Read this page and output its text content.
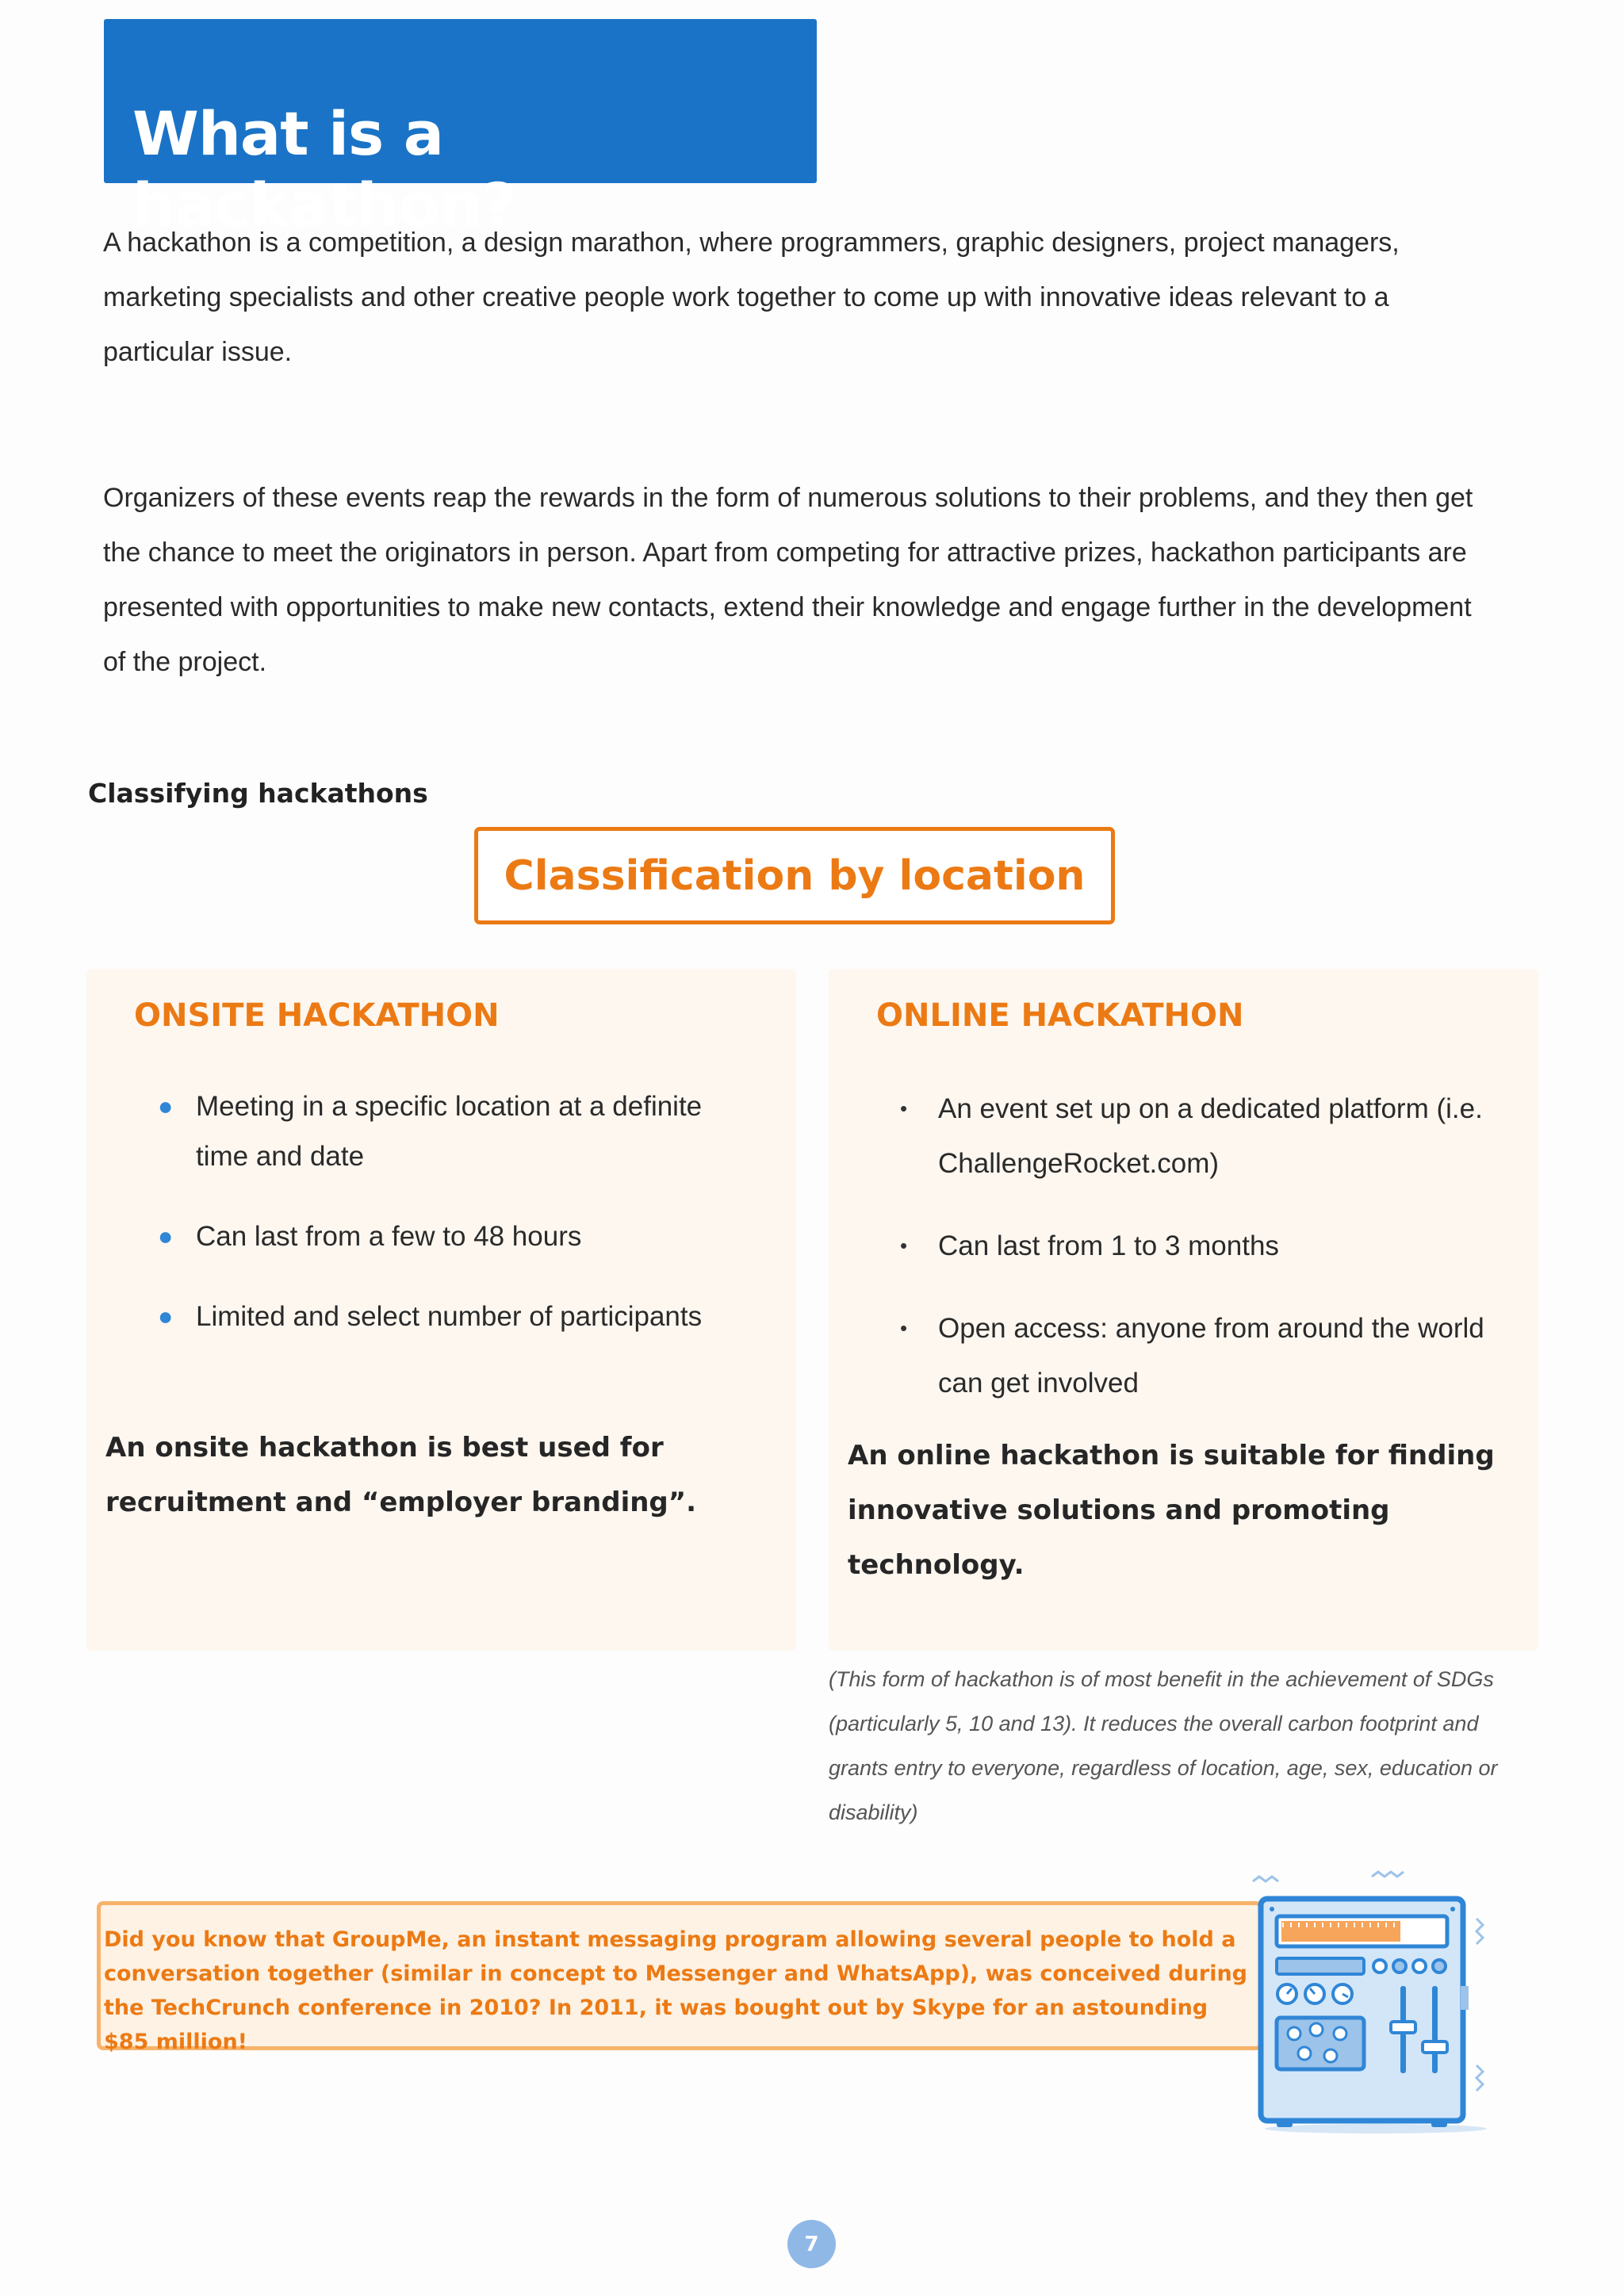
What is a hackathon?

A hackathon is a competition, a design marathon, where programmers, graphic designers, project managers, marketing specialists and other creative people work together to come up with innovative ideas relevant to a particular issue.

Organizers of these events reap the rewards in the form of numerous solutions to their problems, and they then get the chance to meet the originators in person. Apart from competing for attractive prizes, hackathon participants are presented with opportunities to make new contacts, extend their knowledge and engage further in the development of the project.

Classifying hackathons
Classification by location
ONSITE HACKATHON
● Meeting in a specific location at a definite time and date
● Can last from a few to 48 hours
● Limited and select number of participants

An onsite hackathon is best used for recruitment and “employer branding”.

ONLINE HACKATHON
• An event set up on a dedicated platform (i.e. ChallengeRocket.com)
• Can last from 1 to 3 months
• Open access: anyone from around the world can get involved

An online hackathon is suitable for finding innovative solutions and promoting technology.

(This form of hackathon is of most benefit in the achievement of SDGs (particularly 5, 10 and 13). It reduces the overall carbon footprint and grants entry to everyone, regardless of location, age, sex, education or disability)

Did you know that GroupMe, an instant messaging program allowing several people to hold a conversation together (similar in concept to Messenger and WhatsApp), was conceived during the TechCrunch conference in 2010? In 2011, it was bought out by Skype for an astounding $85 million!

7
